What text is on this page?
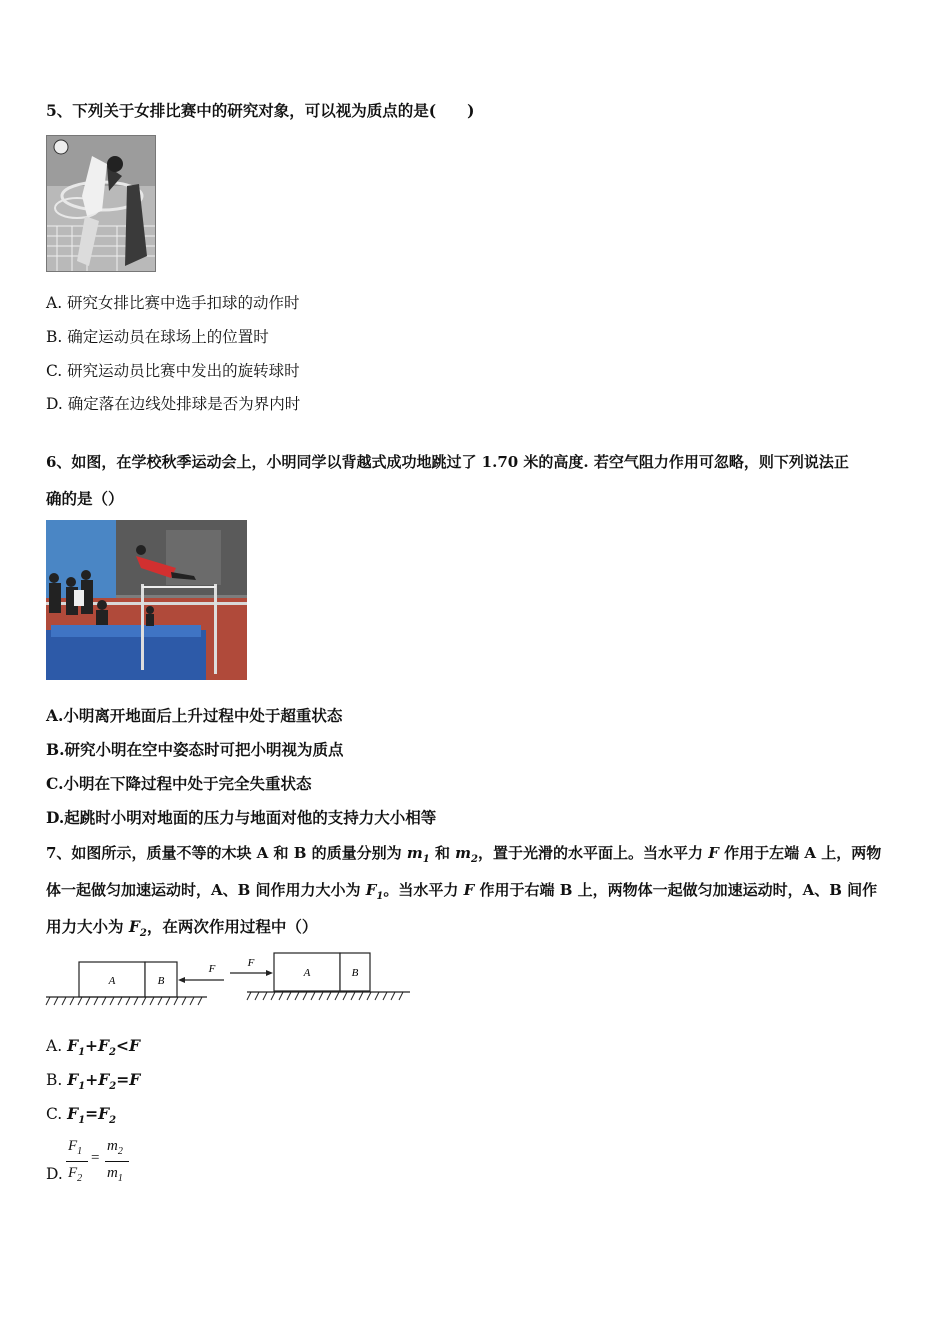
5、下列关于女排比赛中的研究对象，可以视为质点的是(　　)
A. 研究女排比赛中选手扣球的动作时
B. 确定运动员在球场上的位置时
C. 研究运动员比赛中发出的旋转球时
D. 确定落在边线处排球是否为界内时
6、如图，在学校秋季运动会上，小明同学以背越式成功地跳过了 1.70 米的高度. 若空气阻力作用可忽略，则下列说法正
确的是（）
A.小明离开地面后上升过程中处于超重状态
B.研究小明在空中姿态时可把小明视为质点
C.小明在下降过程中处于完全失重状态
D.起跳时小明对地面的压力与地面对他的支持力大小相等
7、如图所示，质量不等的木块 A 和 B 的质量分别为 $m_1$ 和 $m_2$，置于光滑的水平面上。当水平力 F 作用于左端 A 上，两物
体一起做匀加速运动时，A、B 间作用力大小为 $F_1$。当水平力 F 作用于右端 B 上，两物体一起做匀加速运动时，A、B 间作
用力大小为 $F_2$，在两次作用过程中（）
A	B
F	F
A	B
A. $F_1+F_2<F$
B. $F_1+F_2=F$
C. $F_1=F_2$
D.
$F_1$
$F_2$
=
$m_2$
$m_1$
